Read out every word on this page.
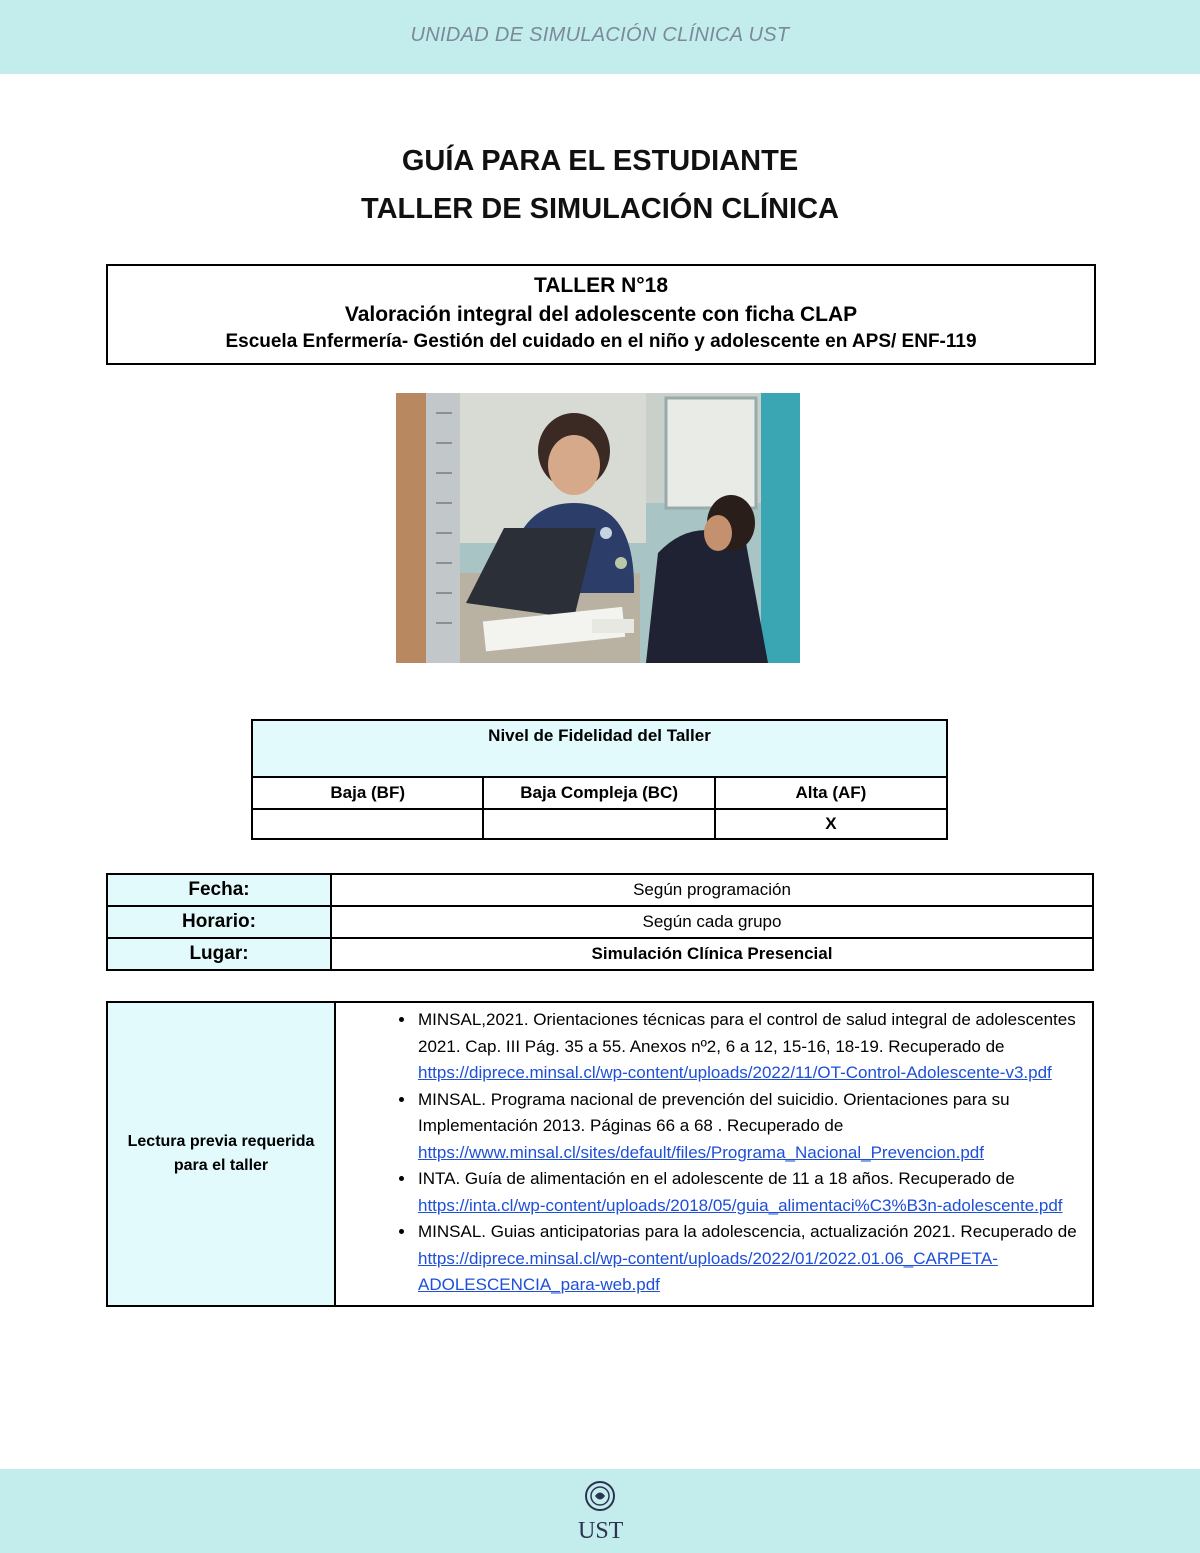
UNIDAD DE SIMULACIÓN CLÍNICA UST
GUÍA PARA EL ESTUDIANTE
TALLER DE SIMULACIÓN CLÍNICA
TALLER N°18
Valoración integral del adolescente con ficha CLAP
Escuela Enfermería- Gestión del cuidado en el niño y adolescente en APS/ ENF-119
Nivel de Fidelidad del Taller		
Baja (BF)	Baja Compleja (BC)	Alta (AF)
		X
Fecha:	Según programación
Horario:	Según cada grupo
Lugar:	Simulación Clínica Presencial
Lectura previa requerida para el taller	
• MINSAL,2021. Orientaciones técnicas para el control de salud integral de adolescentes 2021. Cap. III Pág. 35 a 55. Anexos nº2, 6 a 12, 15-16, 18-19. Recuperado de https://diprece.minsal.cl/wp-content/uploads/2022/11/OT-Control-Adolescente-v3.pdf
• MINSAL. Programa nacional de prevención del suicidio. Orientaciones para su Implementación 2013. Páginas 66 a 68 . Recuperado de https://www.minsal.cl/sites/default/files/Programa_Nacional_Prevencion.pdf
• INTA. Guía de alimentación en el adolescente de 11 a 18 años. Recuperado de https://inta.cl/wp-content/uploads/2018/05/guia_alimentaci%C3%B3n-adolescente.pdf
• MINSAL. Guias anticipatorias para la adolescencia, actualización 2021. Recuperado de https://diprece.minsal.cl/wp-content/uploads/2022/01/2022.01.06_CARPETA-ADOLESCENCIA_para-web.pdf
UST
